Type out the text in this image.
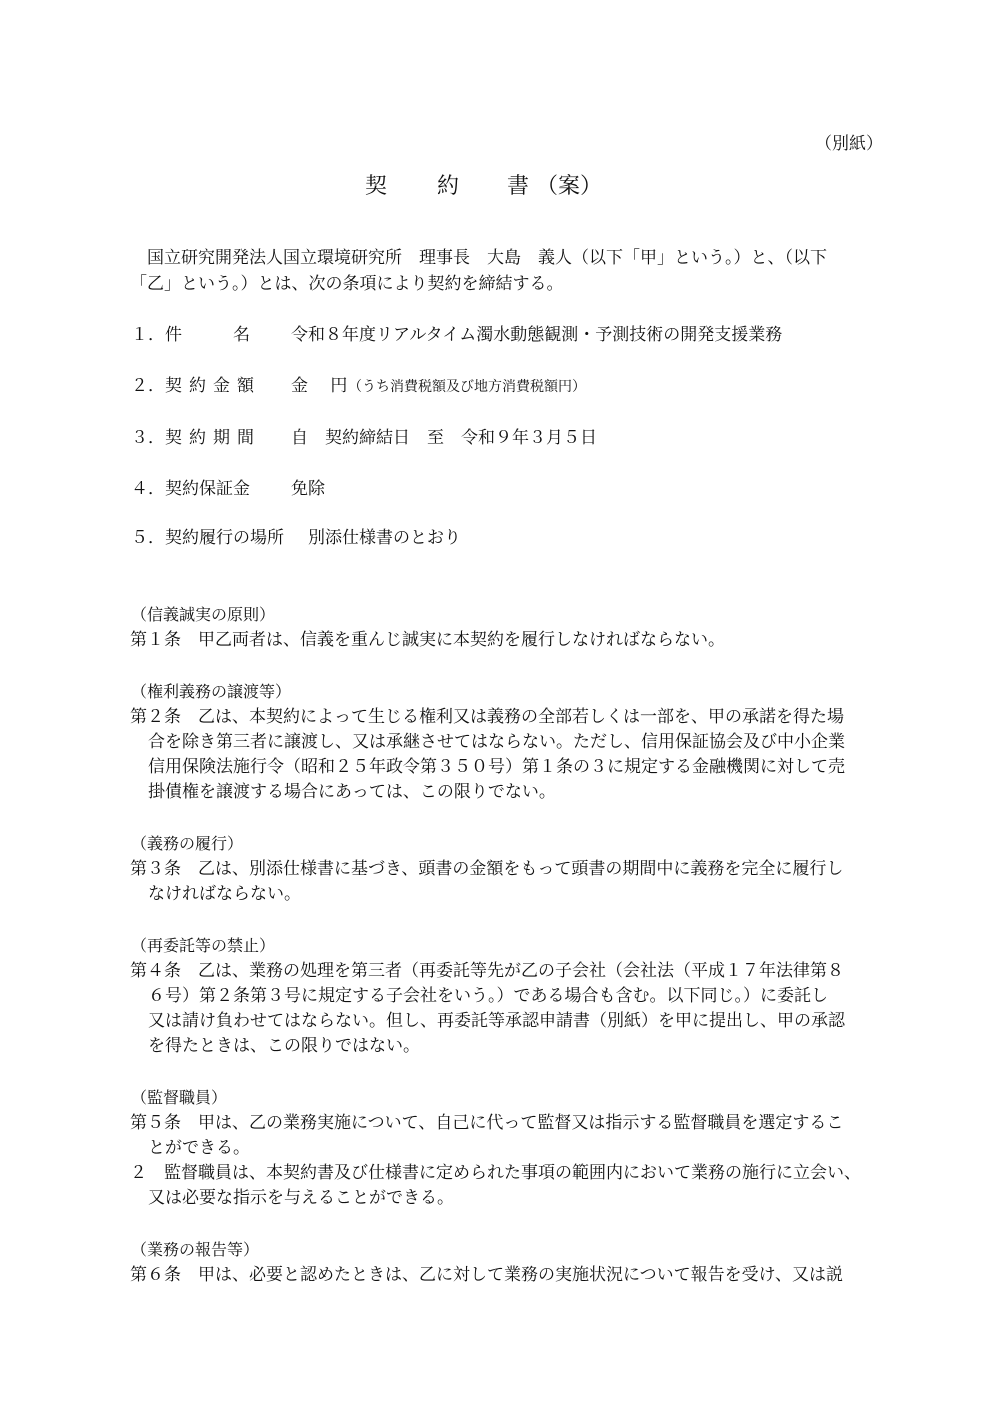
（別紙）
契 約 書 （案）
国立研究開発法人国立環境研究所　理事長　大島　義人（以下「甲」という。）と、（以下
「乙」という。）とは、次の条項により契約を締結する。
１． 件　　　名 令和８年度リアルタイム濁水動態観測・予測技術の開発支援業務
２． 契約金額 金　 円 （うち消費税額及び地方消費税額円）
３． 契約期間 自　契約締結日　至　令和９年３月５日
４． 契約保証金 免除
５． 契約履行の場所 別添仕様書のとおり
（信義誠実の原則）
第１条　甲乙両者は、信義を重んじ誠実に本契約を履行しなければならない。
（権利義務の譲渡等）
第２条　乙は、本契約によって生じる権利又は義務の全部若しくは一部を、甲の承諾を得た場
合を除き第三者に譲渡し、又は承継させてはならない。ただし、信用保証協会及び中小企業
信用保険法施行令（昭和２５年政令第３５０号）第１条の３に規定する金融機関に対して売
掛債権を譲渡する場合にあっては、この限りでない。
（義務の履行）
第３条　乙は、別添仕様書に基づき、頭書の金額をもって頭書の期間中に義務を完全に履行し
なければならない。
（再委託等の禁止）
第４条　乙は、業務の処理を第三者（再委託等先が乙の子会社（会社法（平成１７年法律第８
６号）第２条第３号に規定する子会社をいう。）である場合も含む。以下同じ。）に委託し
又は請け負わせてはならない。但し、再委託等承認申請書（別紙）を甲に提出し、甲の承認
を得たときは、この限りではない。
（監督職員）
第５条　甲は、乙の業務実施について、自己に代って監督又は指示する監督職員を選定するこ
とができる。
２　監督職員は、本契約書及び仕様書に定められた事項の範囲内において業務の施行に立会い、
又は必要な指示を与えることができる。
（業務の報告等）
第６条　甲は、必要と認めたときは、乙に対して業務の実施状況について報告を受け、又は説
